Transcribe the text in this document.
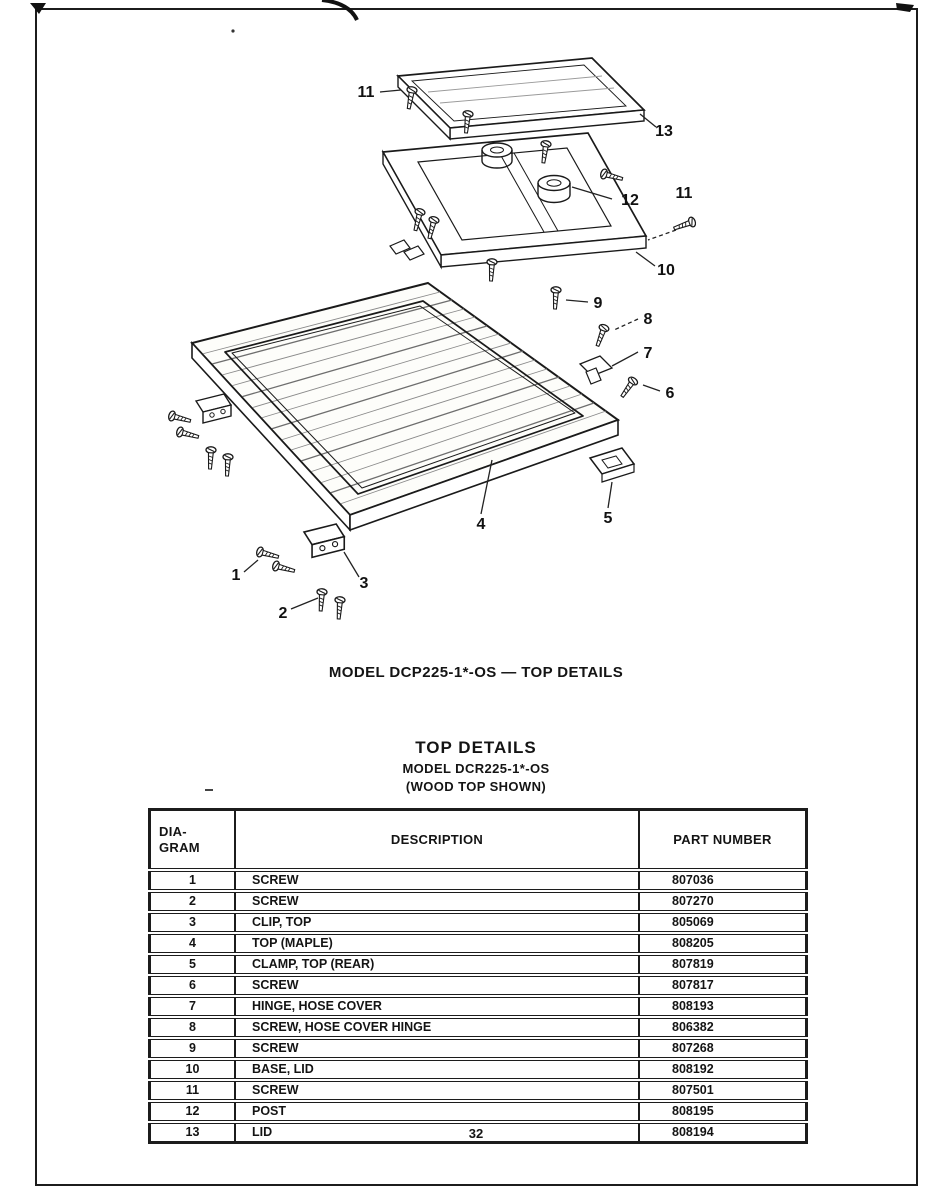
11
13
12 11
10
9
8
7
6
5
4
3
2
1
MODEL DCP225-1*-OS — TOP DETAILS
TOP DETAILS
MODEL DCR225-1*-OS
(WOOD TOP SHOWN)
DIA-
GRAM	DESCRIPTION	PART NUMBER
1	SCREW	807036
2	SCREW	807270
3	CLIP, TOP	805069
4	TOP (MAPLE)	808205
5	CLAMP, TOP (REAR)	807819
6	SCREW	807817
7	HINGE, HOSE COVER	808193
8	SCREW, HOSE COVER HINGE	806382
9	SCREW	807268
10	BASE, LID	808192
11	SCREW	807501
12	POST	808195
13	LID	808194
32
